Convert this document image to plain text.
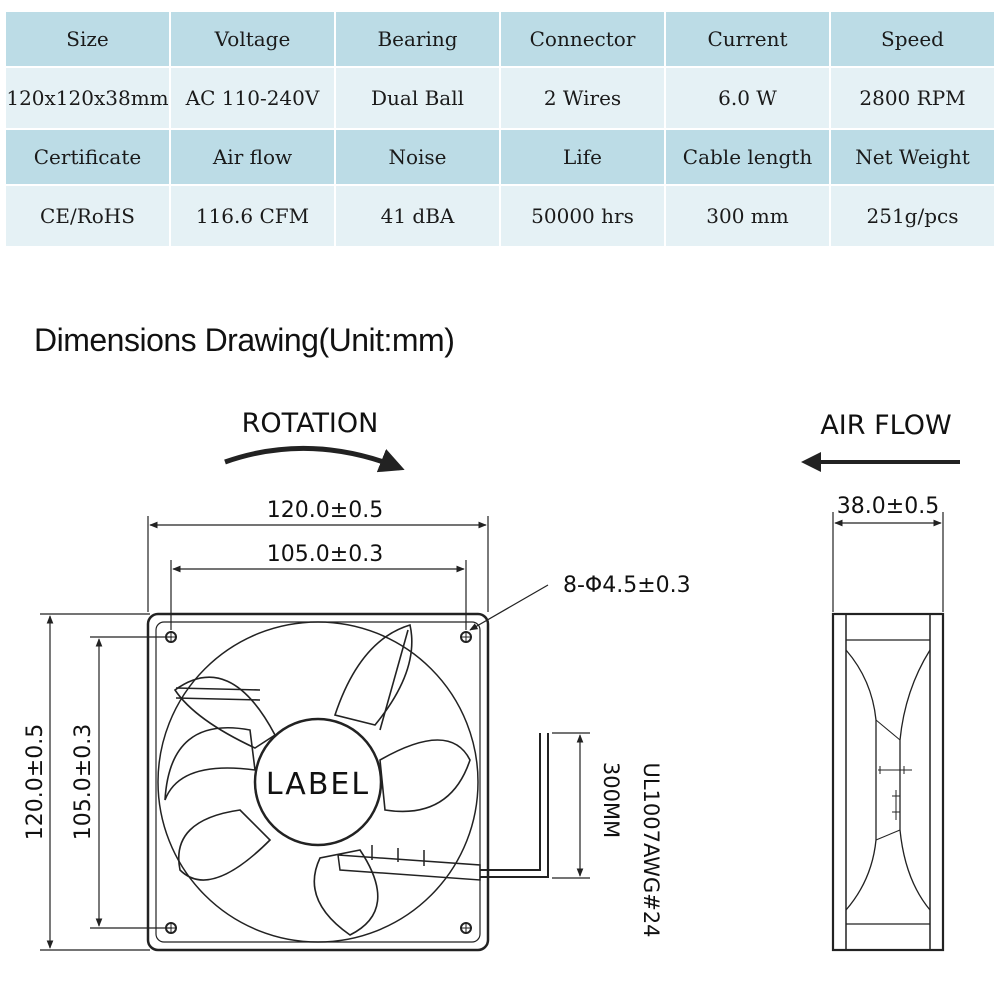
Size	Voltage	Bearing	Connector	Current	Speed
120x120x38mm	AC 110-240V	Dual Ball	2 Wires	6.0 W	2800 RPM
Certificate	Air flow	Noise	Life	Cable length	Net Weight
CE/RoHS	116.6 CFM	41 dBA	50000 hrs	300 mm	251g/pcs
Dimensions Drawing(Unit:mm)
ROTATION	AIR FLOW
120.0±0.5
105.0±0.3
8-Φ4.5±0.3
120.0±0.5 105.0±0.3	LABEL	300MM UL1007AWG#24
38.0±0.5
